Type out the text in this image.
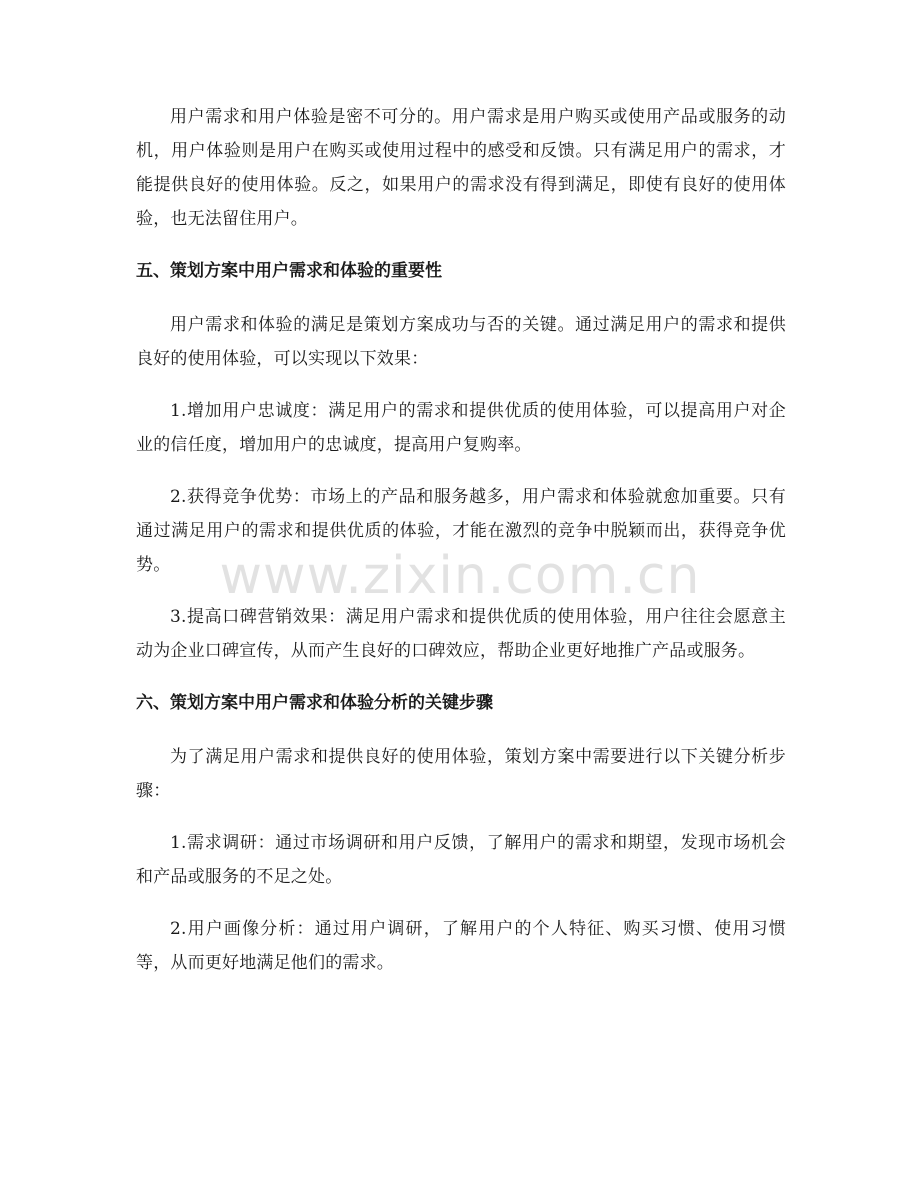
用户需求和用户体验是密不可分的。用户需求是用户购买或使用产品或服务的动机，用户体验则是用户在购买或使用过程中的感受和反馈。只有满足用户的需求，才能提供良好的使用体验。反之，如果用户的需求没有得到满足，即使有良好的使用体验，也无法留住用户。

五、策划方案中用户需求和体验的重要性

用户需求和体验的满足是策划方案成功与否的关键。通过满足用户的需求和提供良好的使用体验，可以实现以下效果：

1.增加用户忠诚度：满足用户的需求和提供优质的使用体验，可以提高用户对企业的信任度，增加用户的忠诚度，提高用户复购率。

2.获得竞争优势：市场上的产品和服务越多，用户需求和体验就愈加重要。只有通过满足用户的需求和提供优质的体验，才能在激烈的竞争中脱颖而出，获得竞争优势。

3.提高口碑营销效果：满足用户需求和提供优质的使用体验，用户往往会愿意主动为企业口碑宣传，从而产生良好的口碑效应，帮助企业更好地推广产品或服务。

六、策划方案中用户需求和体验分析的关键步骤

为了满足用户需求和提供良好的使用体验，策划方案中需要进行以下关键分析步骤：

1.需求调研：通过市场调研和用户反馈，了解用户的需求和期望，发现市场机会和产品或服务的不足之处。

2.用户画像分析：通过用户调研，了解用户的个人特征、购买习惯、使用习惯等，从而更好地满足他们的需求。

www.zixin.com.cn
